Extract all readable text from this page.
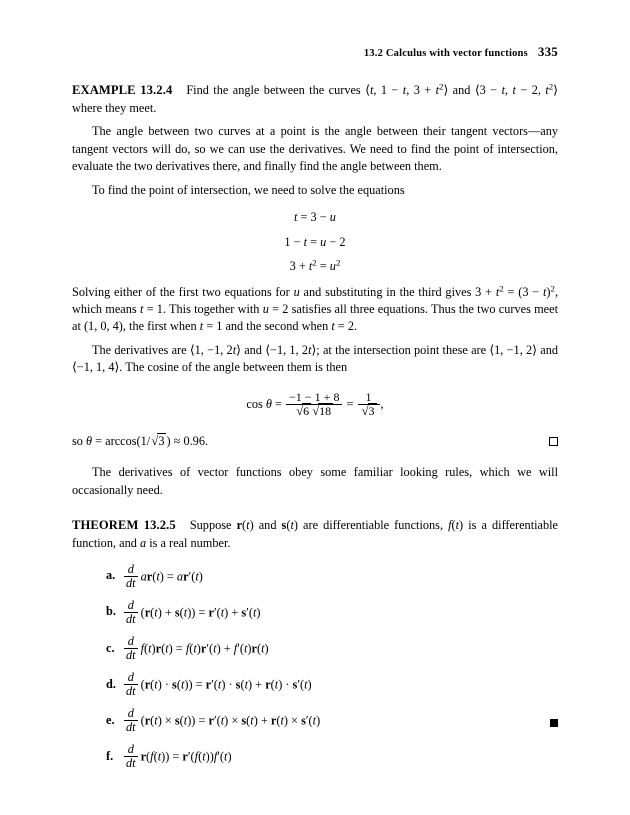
13.2 Calculus with vector functions 335

EXAMPLE 13.2.4 Find the angle between the curves ⟨t, 1 − t, $3 + t^2⟩$ and ⟨3 − t, t − 2, $t^2⟩$ where they meet.

The angle between two curves at a point is the angle between their tangent vectors—any tangent vectors will do, so we can use the derivatives. We need to find the point of intersection, evaluate the two derivatives there, and finally find the angle between them.

To find the point of intersection, we need to solve the equations

t = 3 − u
1 − t = u − 2
$3 + t^2 = u^2$

Solving either of the first two equations for u and substituting in the third gives $3 + t^2 = (3 - t)^2$, which means t = 1. This together with u = 2 satisfies all three equations. Thus the two curves meet at (1, 0, 4), the first when t = 1 and the second when t = 2.

The derivatives are ⟨1, −1, 2t⟩ and ⟨−1, 1, 2t⟩; at the intersection point these are ⟨1, −1, 2⟩ and ⟨−1, 1, 4⟩. The cosine of the angle between them is then

$\cos \theta = \frac{-1 - 1 + 8}{√6 √18} = \frac{1}{√3}$ ,

so θ = arccos(1/√3 ) ≈ 0.96.

The derivatives of vector functions obey some familiar looking rules, which we will occasionally need.

THEOREM 13.2.5 Suppose r(t) and s(t) are differentiable functions, f(t) is a differentiable function, and a is a real number.

a. $\frac{d}{dt} ar(t) = ar'(t)$
b. $\frac{d}{dt} (r(t) + s(t)) = r'(t) + s'(t)$
c. $\frac{d}{dt} f(t)r(t) = f(t)r'(t) + f'(t)r(t)$
d. $\frac{d}{dt} (r(t) \cdot s(t)) = r'(t) \cdot s(t) + r(t) \cdot s'(t)$
e. $\frac{d}{dt} (r(t) \times s(t)) = r'(t) \times s(t) + r(t) \times s'(t)$
f. $\frac{d}{dt} r(f(t)) = r'(f(t))f'(t)$
